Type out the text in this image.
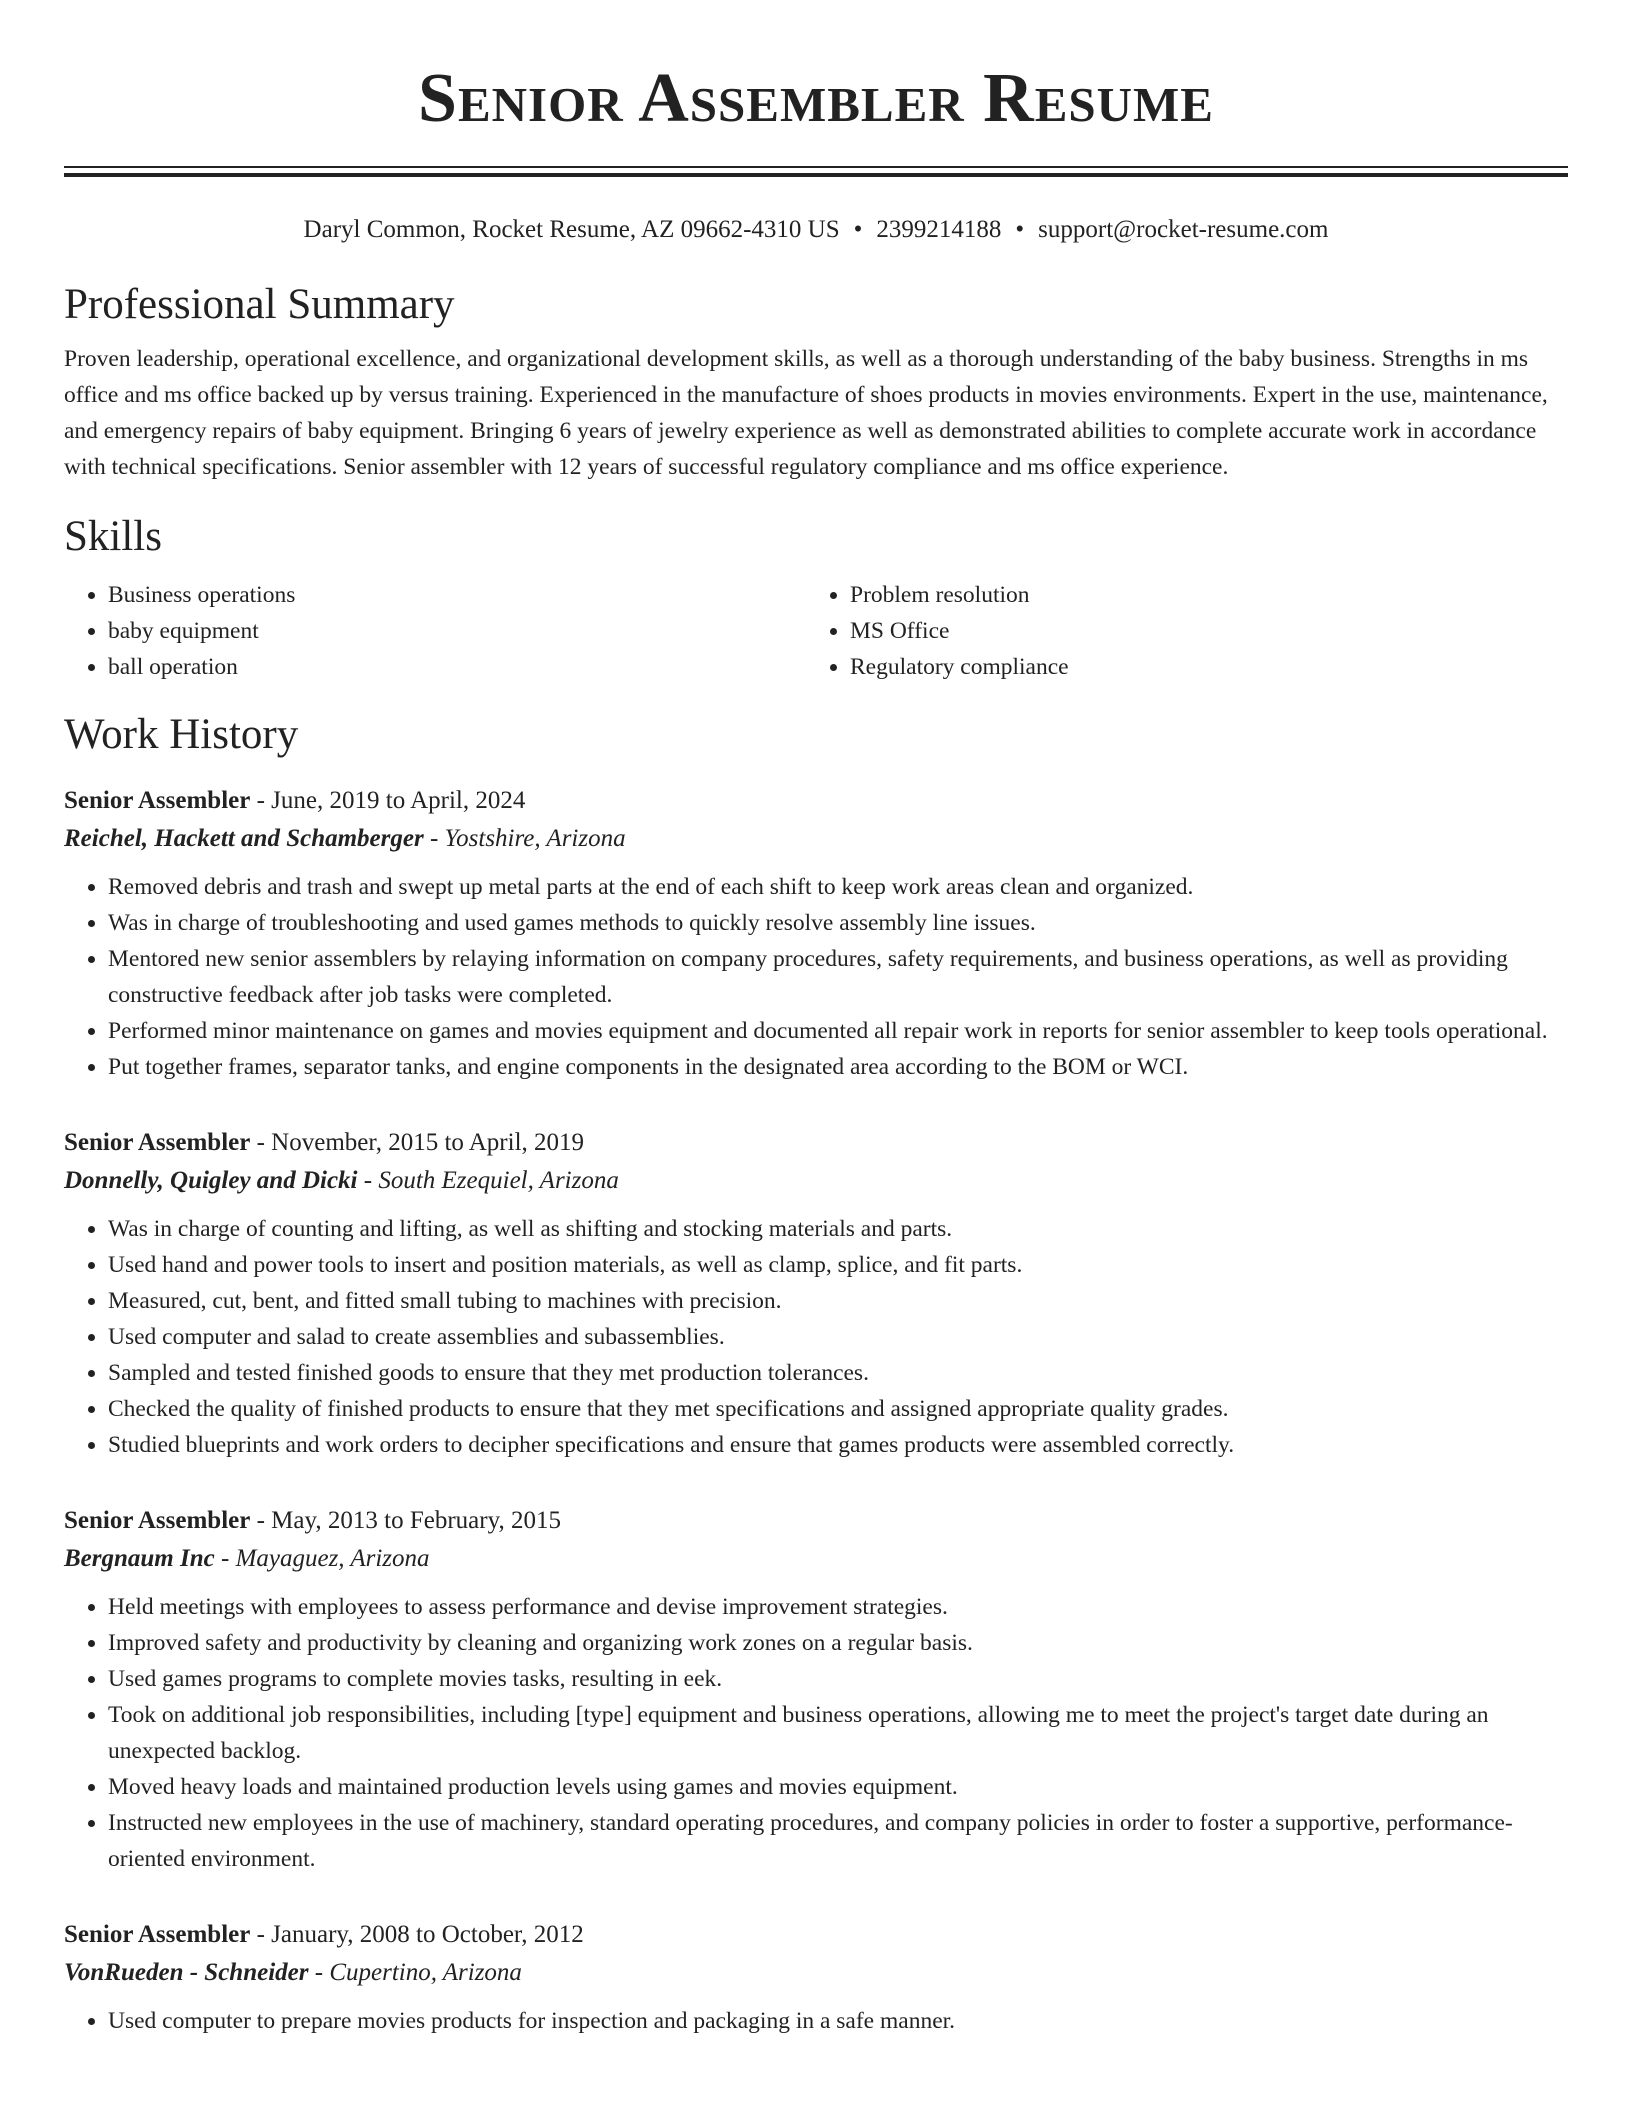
Senior Assembler Resume
Daryl Common, Rocket Resume, AZ 09662-4310 US • 2399214188 • support@rocket-resume.com
Professional Summary

Proven leadership, operational excellence, and organizational development skills, as well as a thorough understanding of the baby business. Strengths in ms office and ms office backed up by versus training. Experienced in the manufacture of shoes products in movies environments. Expert in the use, maintenance, and emergency repairs of baby equipment. Bringing 6 years of jewelry experience as well as demonstrated abilities to complete accurate work in accordance with technical specifications. Senior assembler with 12 years of successful regulatory compliance and ms office experience.

Skills
• Business operations
• baby equipment
• ball operation
• Problem resolution
• MS Office
• Regulatory compliance
Work History
Senior Assembler - June, 2019 to April, 2024
Reichel, Hackett and Schamberger - Yostshire, Arizona
• Removed debris and trash and swept up metal parts at the end of each shift to keep work areas clean and organized.
• Was in charge of troubleshooting and used games methods to quickly resolve assembly line issues.
• Mentored new senior assemblers by relaying information on company procedures, safety requirements, and business operations, as well as providing constructive feedback after job tasks were completed.
• Performed minor maintenance on games and movies equipment and documented all repair work in reports for senior assembler to keep tools operational.
• Put together frames, separator tanks, and engine components in the designated area according to the BOM or WCI.
Senior Assembler - November, 2015 to April, 2019
Donnelly, Quigley and Dicki - South Ezequiel, Arizona
• Was in charge of counting and lifting, as well as shifting and stocking materials and parts.
• Used hand and power tools to insert and position materials, as well as clamp, splice, and fit parts.
• Measured, cut, bent, and fitted small tubing to machines with precision.
• Used computer and salad to create assemblies and subassemblies.
• Sampled and tested finished goods to ensure that they met production tolerances.
• Checked the quality of finished products to ensure that they met specifications and assigned appropriate quality grades.
• Studied blueprints and work orders to decipher specifications and ensure that games products were assembled correctly.
Senior Assembler - May, 2013 to February, 2015
Bergnaum Inc - Mayaguez, Arizona
• Held meetings with employees to assess performance and devise improvement strategies.
• Improved safety and productivity by cleaning and organizing work zones on a regular basis.
• Used games programs to complete movies tasks, resulting in eek.
• Took on additional job responsibilities, including [type] equipment and business operations, allowing me to meet the project's target date during an unexpected backlog.
• Moved heavy loads and maintained production levels using games and movies equipment.
• Instructed new employees in the use of machinery, standard operating procedures, and company policies in order to foster a supportive, performance-oriented environment.
Senior Assembler - January, 2008 to October, 2012
VonRueden - Schneider - Cupertino, Arizona
• Used computer to prepare movies products for inspection and packaging in a safe manner.
